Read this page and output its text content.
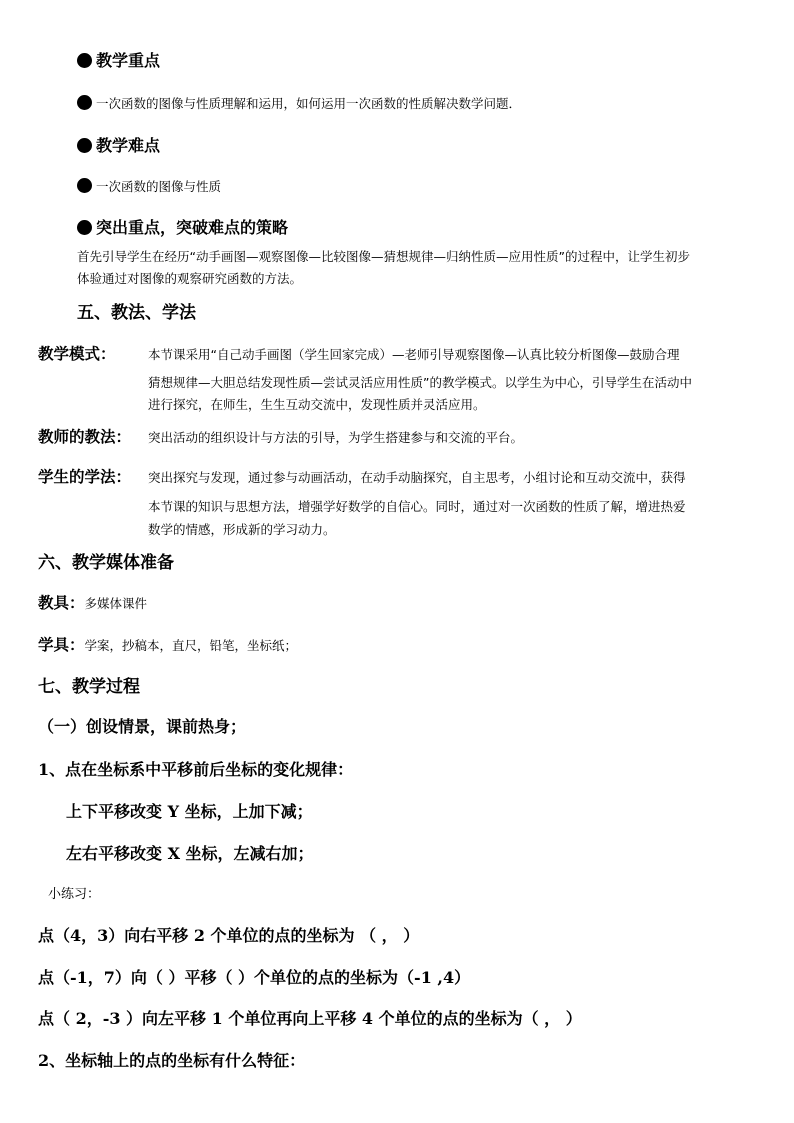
教学重点
一次函数的图像与性质理解和运用，如何运用一次函数的性质解决数学问题．
教学难点
一次函数的图像与性质
突出重点，突破难点的策略
首先引导学生在经历“动手画图—观察图像—比较图像—猜想规律—归纳性质—应用性质”的过程中，让学生初步
体验通过对图像的观察研究函数的方法。
五、教法、学法
教学模式：	本节课采用“自己动手画图（学生回家完成）—老师引导观察图像—认真比较分析图像—鼓励合理
猜想规律—大胆总结发现性质—尝试灵活应用性质”的教学模式。以学生为中心，引导学生在活动中
进行探究，在师生，生生互动交流中，发现性质并灵活应用。
教师的教法： 突出活动的组织设计与方法的引导，为学生搭建参与和交流的平台。
学生的学法： 突出探究与发现，通过参与动画活动，在动手动脑探究，自主思考，小组讨论和互动交流中，获得
本节课的知识与思想方法，增强学好数学的自信心。同时，通过对一次函数的性质了解，增进热爱
数学的情感，形成新的学习动力。
六、教学媒体准备
教具：多媒体课件
学具：学案，抄稿本，直尺，铅笔，坐标纸；
七、教学过程
（一）创设情景，课前热身；
1、点在坐标系中平移前后坐标的变化规律：
上下平移改变 Y 坐标，上加下减；
左右平移改变 X 坐标，左减右加；
小练习：
点（4，3）向右平移 2 个单位的点的坐标为 （ ， ）
点（-1，7）向（ ）平移（ ）个单位的点的坐标为（-1 ,4）
点（ 2，-3 ）向左平移 1 个单位再向上平移 4 个单位的点的坐标为（ ， ）
2、坐标轴上的点的坐标有什么特征：
